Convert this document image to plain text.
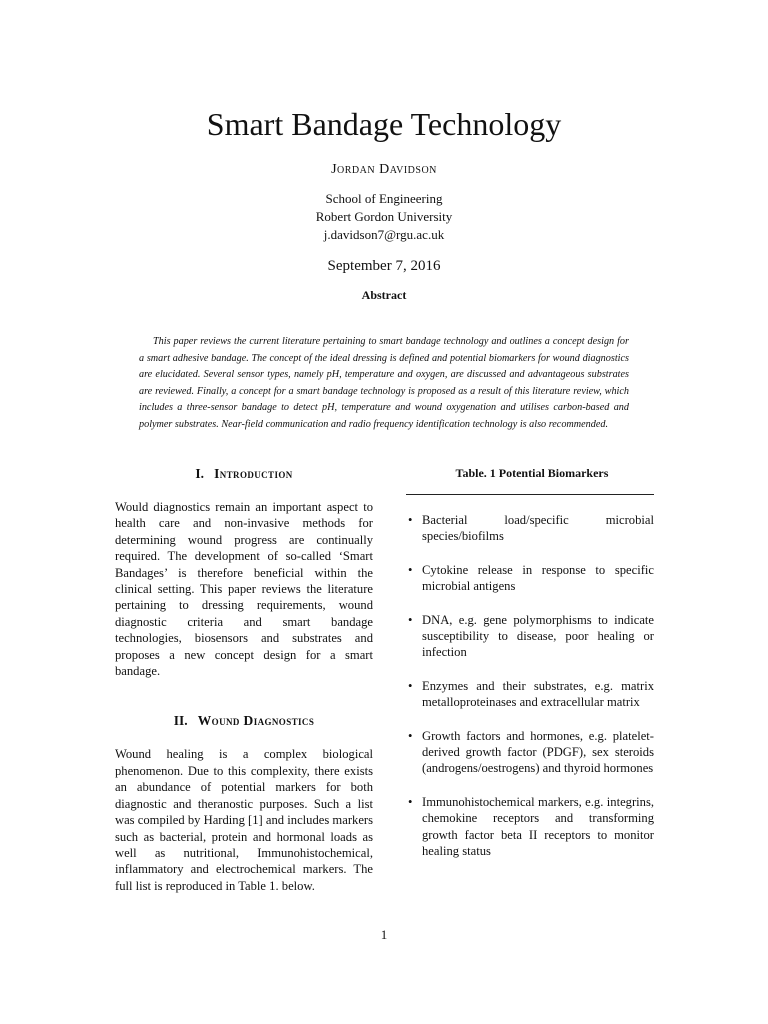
Smart Bandage Technology
Jordan Davidson
School of Engineering
Robert Gordon University
j.davidson7@rgu.ac.uk
September 7, 2016
Abstract

This paper reviews the current literature pertaining to smart bandage technology and outlines a concept design for a smart adhesive bandage. The concept of the ideal dressing is defined and potential biomarkers for wound diagnostics are elucidated. Several sensor types, namely pH, temperature and oxygen, are discussed and advantageous substrates are reviewed. Finally, a concept for a smart bandage technology is proposed as a result of this literature review, which includes a three-sensor bandage to detect pH, temperature and wound oxygenation and utilises carbon-based and polymer substrates. Near-field communication and radio frequency identification technology is also recommended.

I. Introduction

Would diagnostics remain an important aspect to health care and non-invasive methods for determining wound progress are continually required. The development of so-called ‘Smart Bandages’ is therefore beneficial within the clinical setting. This paper reviews the literature pertaining to dressing requirements, wound diagnostic criteria and smart bandage technologies, biosensors and substrates and proposes a new concept design for a smart bandage.

II. Wound Diagnostics

Wound healing is a complex biological phenomenon. Due to this complexity, there exists an abundance of potential markers for both diagnostic and theranostic purposes. Such a list was compiled by Harding [1] and includes markers such as bacterial, protein and hormonal loads as well as nutritional, Immunohistochemical, inflammatory and electrochemical markers. The full list is reproduced in Table 1. below.

Table. 1 Potential Biomarkers

• Bacterial load/specific microbial species/biofilms
• Cytokine release in response to specific microbial antigens
• DNA, e.g. gene polymorphisms to indicate susceptibility to disease, poor healing or infection
• Enzymes and their substrates, e.g. matrix metalloproteinases and extracellular matrix
• Growth factors and hormones, e.g. platelet-derived growth factor (PDGF), sex steroids (androgens/oestrogens) and thyroid hormones
• Immunohistochemical markers, e.g. integrins, chemokine receptors and transforming growth factor beta II receptors to monitor healing status
1
